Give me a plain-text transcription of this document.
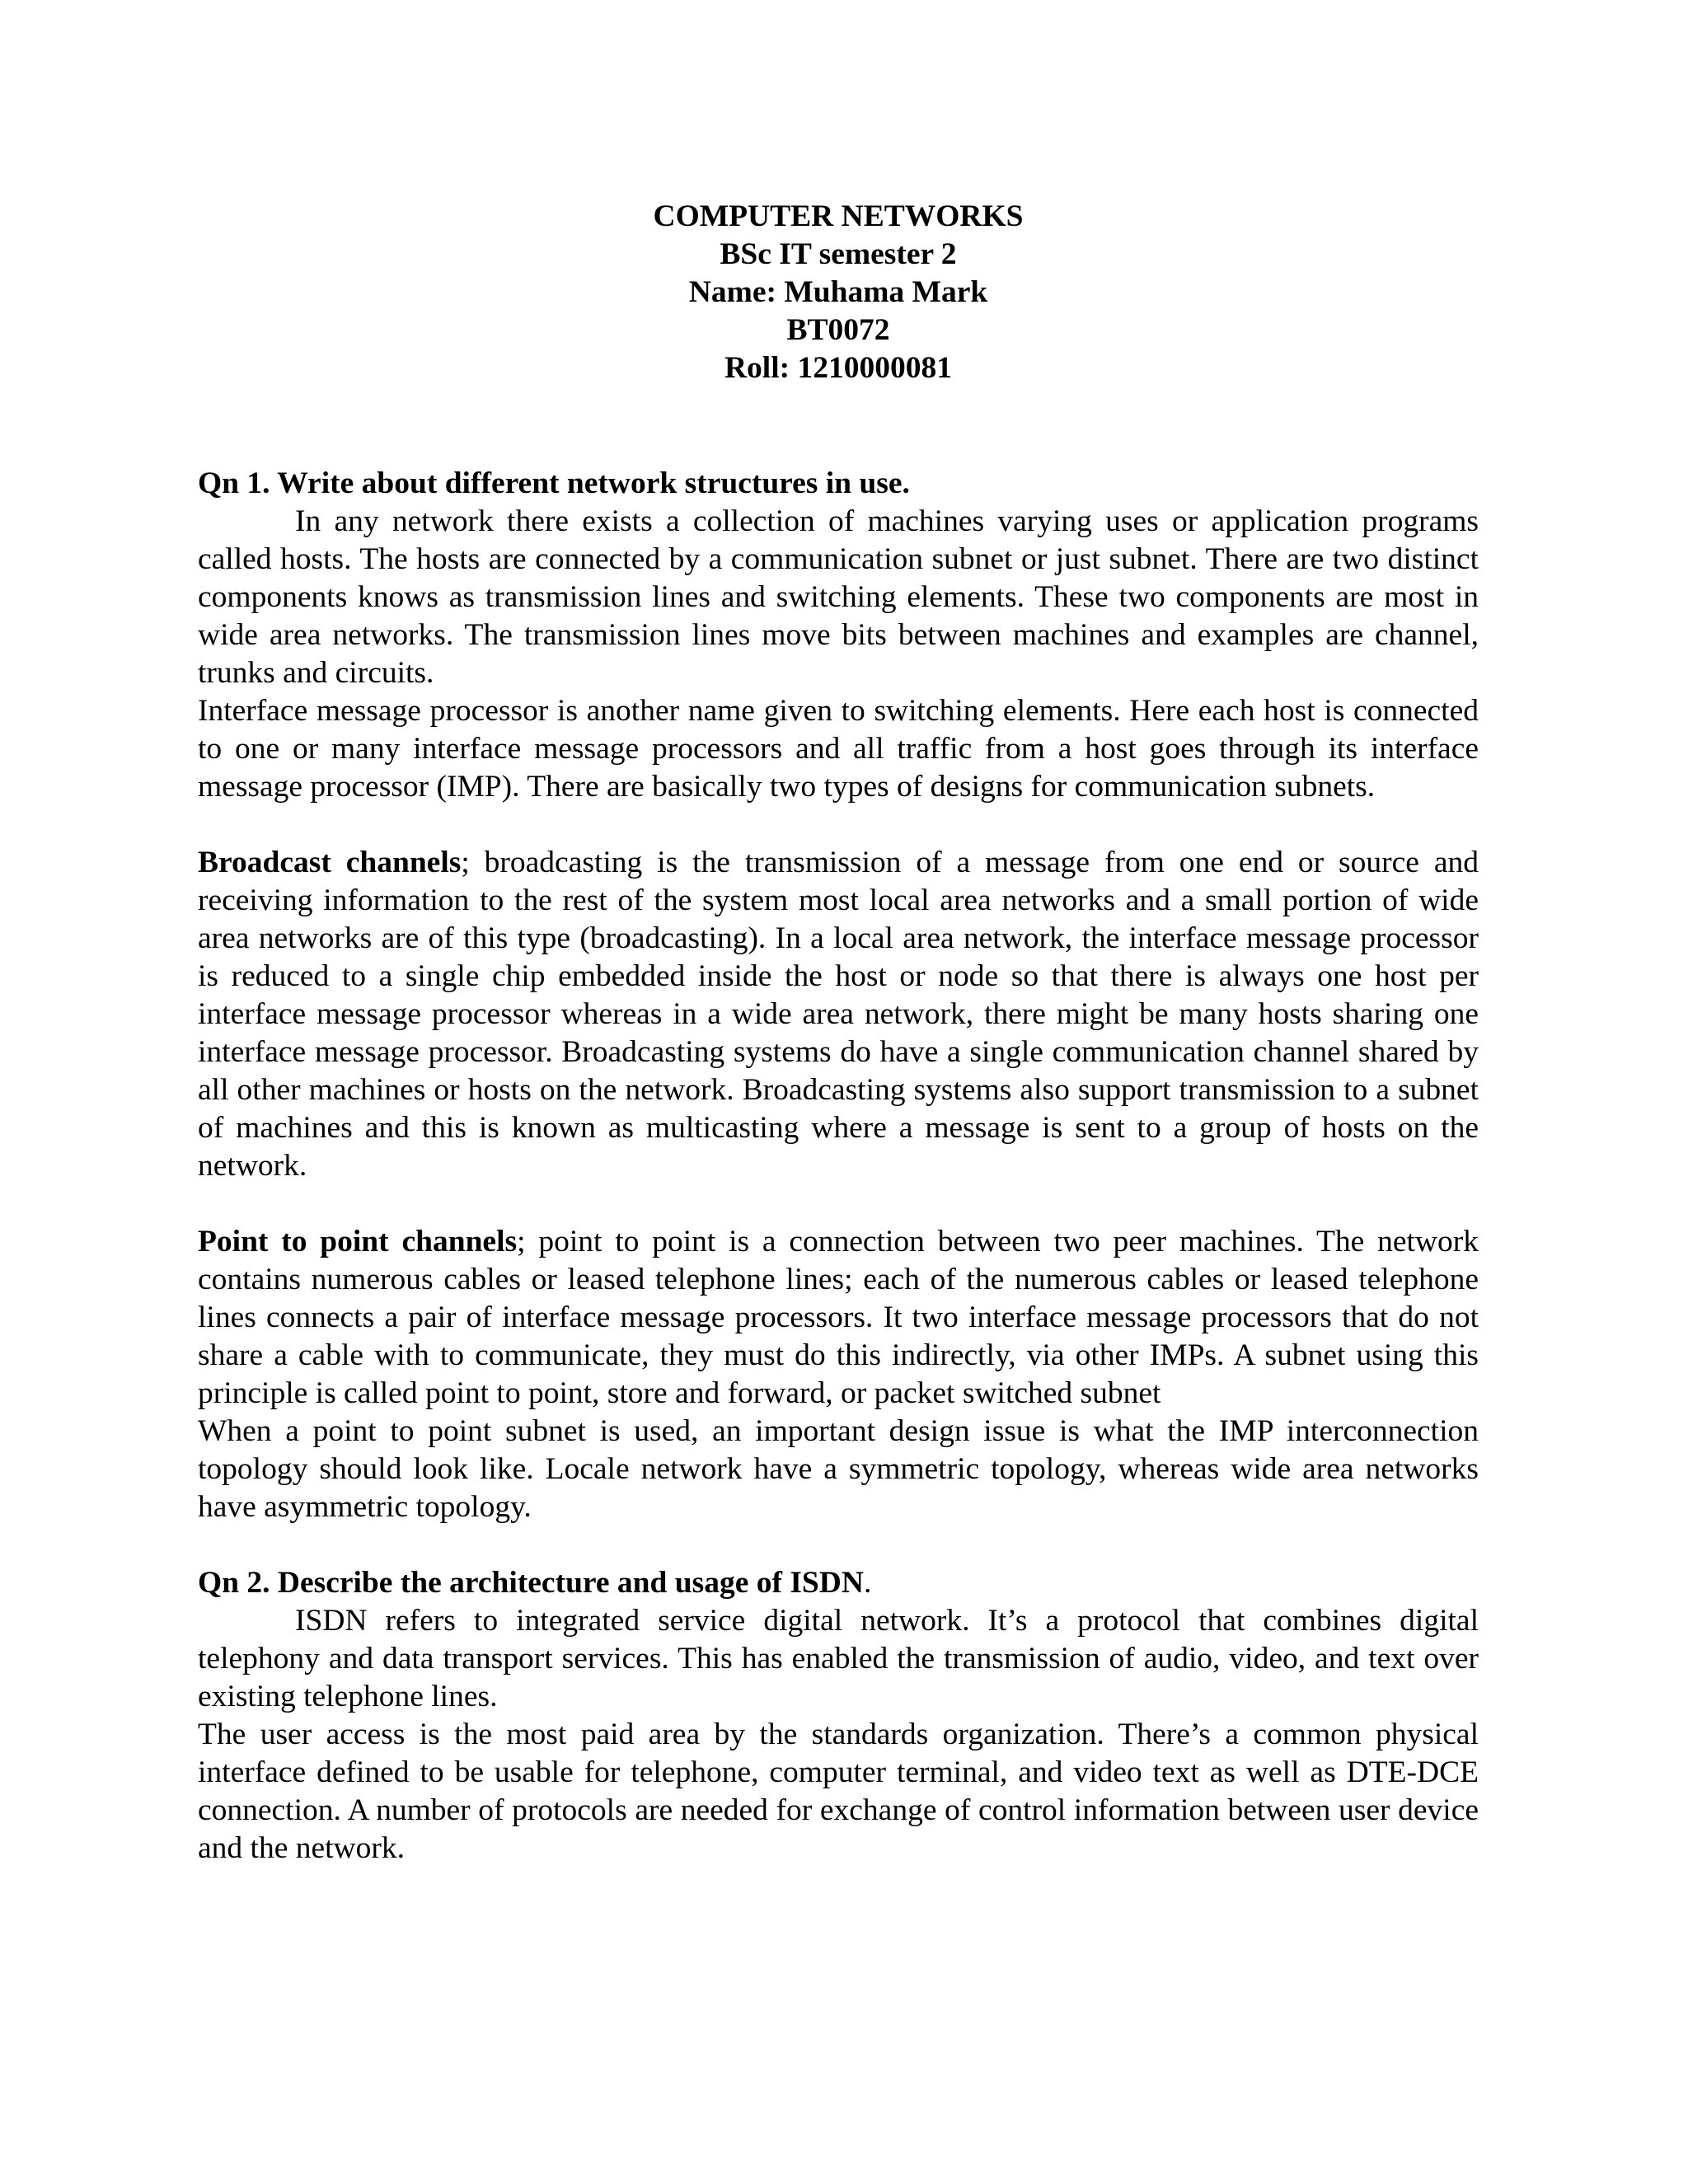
COMPUTER NETWORKS
BSc IT semester 2
Name: Muhama Mark
BT0072
Roll: 1210000081
Qn 1. Write about different network structures in use.

In any network there exists a collection of machines varying uses or application programs called hosts. The hosts are connected by a communication subnet or just subnet. There are two distinct components knows as transmission lines and switching elements. These two components are most in wide area networks. The transmission lines move bits between machines and examples are channel, trunks and circuits.

Interface message processor is another name given to switching elements. Here each host is connected to one or many interface message processors and all traffic from a host goes through its interface message processor (IMP). There are basically two types of designs for communication subnets.

Broadcast channels; broadcasting is the transmission of a message from one end or source and receiving information to the rest of the system most local area networks and a small portion of wide area networks are of this type (broadcasting). In a local area network, the interface message processor is reduced to a single chip embedded inside the host or node so that there is always one host per interface message processor whereas in a wide area network, there might be many hosts sharing one interface message processor. Broadcasting systems do have a single communication channel shared by all other machines or hosts on the network. Broadcasting systems also support transmission to a subnet of machines and this is known as multicasting where a message is sent to a group of hosts on the network.

Point to point channels; point to point is a connection between two peer machines. The network contains numerous cables or leased telephone lines; each of the numerous cables or leased telephone lines connects a pair of interface message processors. It two interface message processors that do not share a cable with to communicate, they must do this indirectly, via other IMPs. A subnet using this principle is called point to point, store and forward, or packet switched subnet

When a point to point subnet is used, an important design issue is what the IMP interconnection topology should look like. Locale network have a symmetric topology, whereas wide area networks have asymmetric topology.

Qn 2. Describe the architecture and usage of ISDN.

ISDN refers to integrated service digital network. It’s a protocol that combines digital telephony and data transport services. This has enabled the transmission of audio, video, and text over existing telephone lines.

The user access is the most paid area by the standards organization. There’s a common physical interface defined to be usable for telephone, computer terminal, and video text as well as DTE-DCE connection. A number of protocols are needed for exchange of control information between user device and the network.
